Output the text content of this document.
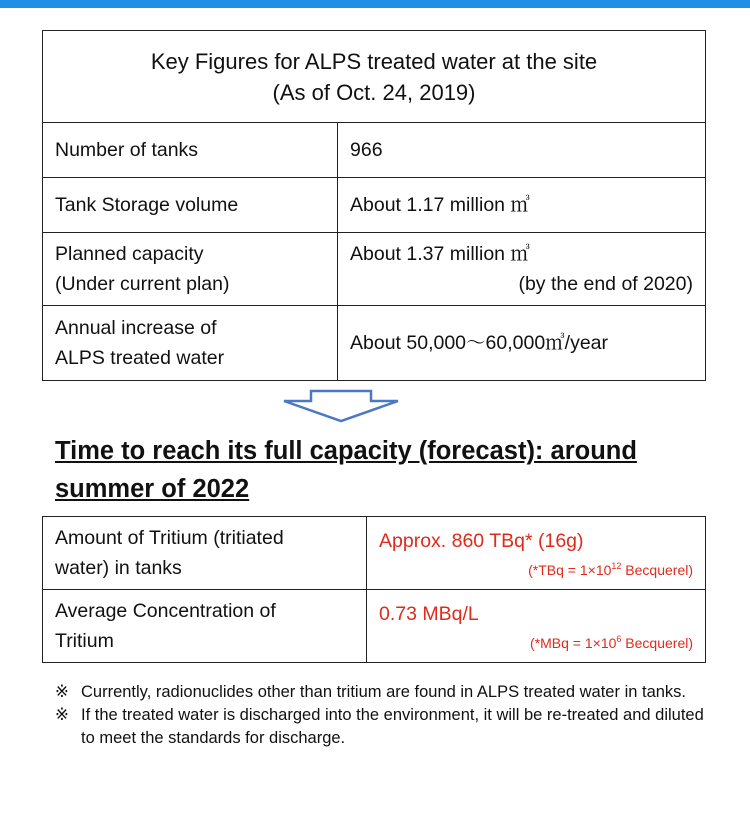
Key Figures for ALPS treated water at the site
(As of Oct. 24, 2019)	
Number of tanks	966
Tank Storage volume	About 1.17 million ㎥
Planned capacity
(Under current plan)	About 1.37 million ㎥
(by the end of 2020)

Annual increase of
ALPS treated water	About 50,000～60,000㎥/year

Time to reach its full capacity (forecast): around
summer of 2022

Amount of Tritium (tritiated
water) in tanks	Approx. 860 TBq* (16g)
($*TBq = 1\times 10^{12}$ Becquerel)

Average Concentration of
Tritium	0.73 MBq/L
($*MBq = 1\times 10^6$ Becquerel)

※ Currently, radionuclides other than tritium are found in ALPS treated water in tanks.

※ If the treated water is discharged into the environment, it will be re-treated and diluted to meet the standards for discharge.
